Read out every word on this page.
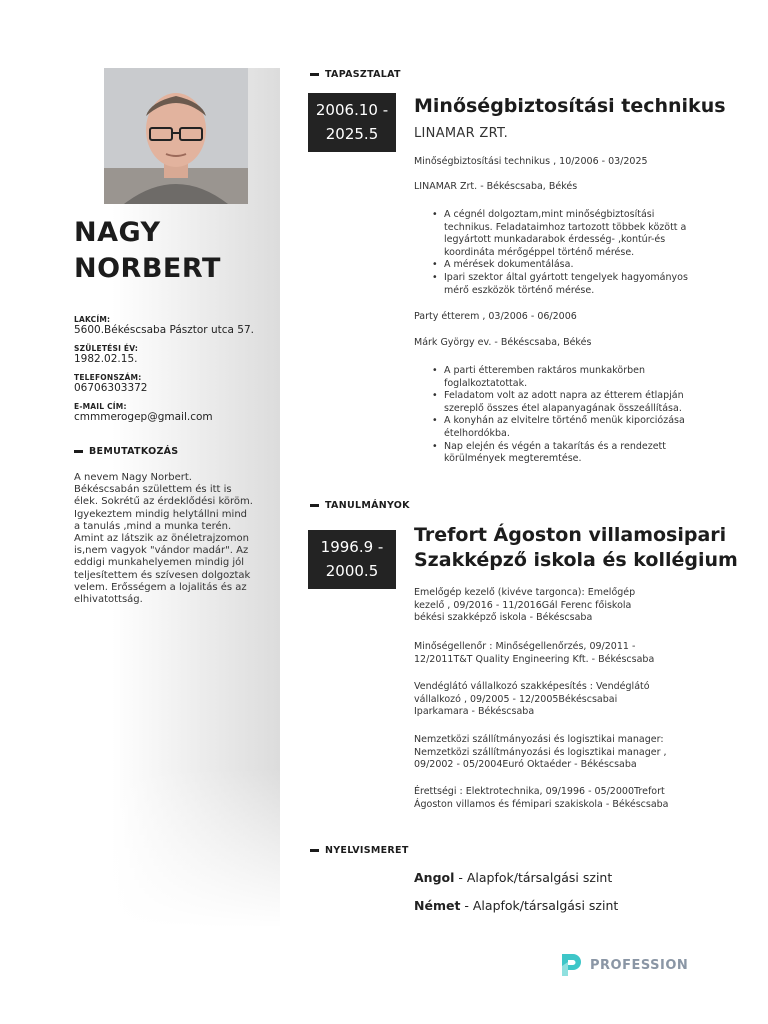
NAGY
NORBERT
LAKCÍM:
5600.Békéscsaba Pásztor utca 57.
SZÜLETÉSI ÉV:
1982.02.15.
TELEFONSZÁM:
06706303372
E-MAIL CÍM:
cmmmerogep@gmail.com
BEMUTATKOZÁS
A nevem Nagy Norbert. Békéscsabán születtem és itt is élek. Sokrétű az érdeklődési köröm. Igyekeztem mindig helytállni mind a tanulás ,mind a munka terén. Amint az látszik az önéletrajzomon is,nem vagyok "vándor madár". Az eddigi munkahelyemen mindig jól teljesítettem és szívesen dolgoztak velem. Erősségem a lojalitás és az elhivatottság.
TAPASZTALAT
2006.10 -
2025.5
Minőségbiztosítási technikus
LINAMAR ZRT.
Minőségbiztosítási technikus , 10/2006 - 03/2025
LINAMAR Zrt. - Békéscsaba, Békés
• A cégnél dolgoztam,mint minőségbiztosítási technikus. Feladataimhoz tartozott többek között a legyártott munkadarabok érdesség- ,kontúr-és koordináta mérőgéppel történő mérése.
• A mérések dokumentálása.
• Ipari szektor által gyártott tengelyek hagyományos mérő eszközök történő mérése.
Party étterem , 03/2006 - 06/2006
Márk György ev. - Békéscsaba, Békés
• A parti étteremben raktáros munkakörben foglalkoztatottak.
• Feladatom volt az adott napra az étterem étlapján szereplő összes étel alapanyagának összeállítása.
• A konyhán az elvitelre történő menük kiporciózása ételhordókba.
• Nap elején és végén a takarítás és a rendezett körülmények megteremtése.
TANULMÁNYOK
1996.9 -
2000.5
Trefort Ágoston villamosipari
Szakképző iskola és kollégium
Emelőgép kezelő (kivéve targonca): Emelőgép kezelő , 09/2016 - 11/2016Gál Ferenc főiskola békési szakképző iskola - Békéscsaba
Minőségellenőr : Minőségellenőrzés, 09/2011 - 12/2011T&T Quality Engineering Kft. - Békéscsaba
Vendéglátó vállalkozó szakképesítés : Vendéglátó vállalkozó , 09/2005 - 12/2005Békéscsabai Iparkamara - Békéscsaba
Nemzetközi szállítmányozási és logisztikai manager: Nemzetközi szállítmányozási és logisztikai manager , 09/2002 - 05/2004Euró Oktaéder - Békéscsaba
Érettségi : Elektrotechnika, 09/1996 - 05/2000Trefort Ágoston villamos és fémipari szakiskola - Békéscsaba
NYELVISMERET
Angol - Alapfok/társalgási szint
Német - Alapfok/társalgási szint
PROFESSION
